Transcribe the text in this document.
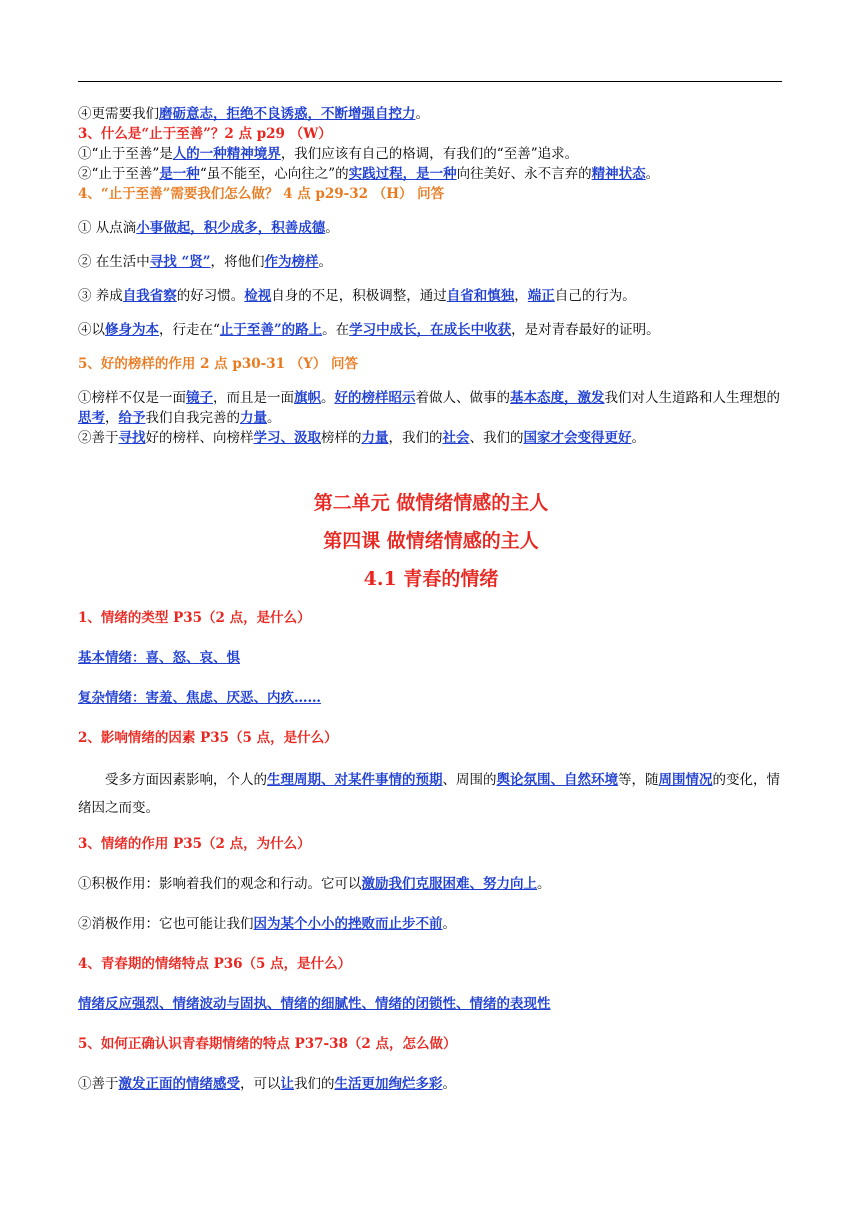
④更需要我们磨砺意志，拒绝不良诱惑，不断增强自控力。
3、什么是“止于至善”？2 点 p29 （W）
①“止于至善”是人的一种精神境界，我们应该有自己的格调，有我们的“至善”追求。
②“止于至善”是一种“虽不能至，心向往之”的实践过程，是一种向往美好、永不言弃的精神状态。
4、“止于至善”需要我们怎么做？ 4 点 p29-32 （H） 问答
① 从点滴小事做起，积少成多，积善成德。
② 在生活中寻找 “贤”，将他们作为榜样。
③ 养成自我省察的好习惯。检视自身的不足，积极调整，通过自省和慎独，端正自己的行为。
④以修身为本，行走在“止于至善”的路上。在学习中成长，在成长中收获，是对青春最好的证明。
5、好的榜样的作用 2 点 p30-31 （Y） 问答
①榜样不仅是一面镜子，而且是一面旗帜。好的榜样昭示着做人、做事的基本态度，激发我们对人生道路和人生理想的思考，给予我们自我完善的力量。
②善于寻找好的榜样、向榜样学习、汲取榜样的力量，我们的社会、我们的国家才会变得更好。
第二单元 做情绪情感的主人
第四课 做情绪情感的主人
4.1 青春的情绪
1、情绪的类型 P35（2 点，是什么）
基本情绪：喜、怒、哀、惧
复杂情绪：害羞、焦虑、厌恶、内疚……
2、影响情绪的因素 P35（5 点，是什么）
受多方面因素影响，个人的生理周期、对某件事情的预期、周围的舆论氛围、自然环境等，随周围情况的变化，情绪因之而变。
3、情绪的作用 P35（2 点，为什么）
①积极作用：影响着我们的观念和行动。它可以激励我们克服困难、努力向上。
②消极作用：它也可能让我们因为某个小小的挫败而止步不前。
4、青春期的情绪特点 P36（5 点，是什么）
情绪反应强烈、情绪波动与固执、情绪的细腻性、情绪的闭锁性、情绪的表现性
5、如何正确认识青春期情绪的特点 P37-38（2 点，怎么做）
①善于激发正面的情绪感受，可以让我们的生活更加绚烂多彩。
